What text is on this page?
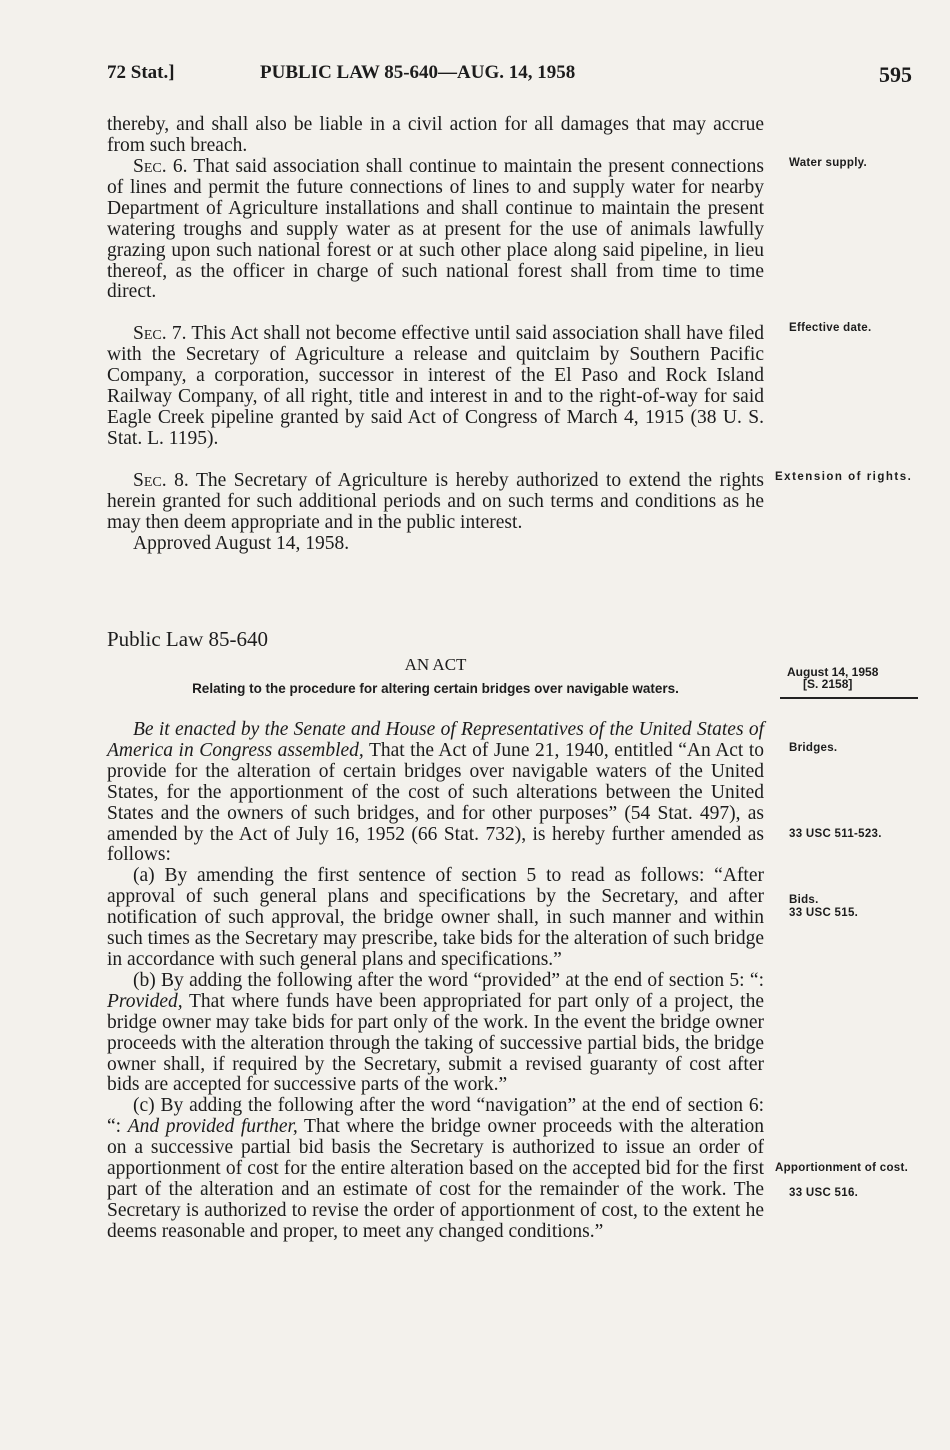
72 Stat.]	PUBLIC LAW 85-640—AUG. 14, 1958	595

thereby, and shall also be liable in a civil action for all damages that may accrue from such breach.

Sec. 6. That said association shall continue to maintain the present connections of lines and permit the future connections of lines to and supply water for nearby Department of Agriculture installations and shall continue to maintain the present watering troughs and supply water as at present for the use of animals lawfully grazing upon such national forest or at such other place along said pipeline, in lieu thereof, as the officer in charge of such national forest shall from time to time direct.

Sec. 7. This Act shall not become effective until said association shall have filed with the Secretary of Agriculture a release and quitclaim by Southern Pacific Company, a corporation, successor in interest of the El Paso and Rock Island Railway Company, of all right, title and interest in and to the right-of-way for said Eagle Creek pipeline granted by said Act of Congress of March 4, 1915 (38 U. S. Stat. L. 1195).

Sec. 8. The Secretary of Agriculture is hereby authorized to extend the rights herein granted for such additional periods and on such terms and conditions as he may then deem appropriate and in the public interest.

Approved August 14, 1958.

Public Law 85-640
AN ACT
Relating to the procedure for altering certain bridges over navigable waters.
August 14, 1958
[S. 2158]

Be it enacted by the Senate and House of Representatives of the United States of America in Congress assembled, That the Act of June 21, 1940, entitled “An Act to provide for the alteration of certain bridges over navigable waters of the United States, for the apportionment of the cost of such alterations between the United States and the owners of such bridges, and for other purposes” (54 Stat. 497), as amended by the Act of July 16, 1952 (66 Stat. 732), is hereby further amended as follows:

(a) By amending the first sentence of section 5 to read as follows: “After approval of such general plans and specifications by the Secretary, and after notification of such approval, the bridge owner shall, in such manner and within such times as the Secretary may prescribe, take bids for the alteration of such bridge in accordance with such general plans and specifications.”

(b) By adding the following after the word “provided” at the end of section 5: “: Provided, That where funds have been appropriated for part only of a project, the bridge owner may take bids for part only of the work. In the event the bridge owner proceeds with the alteration through the taking of successive partial bids, the bridge owner shall, if required by the Secretary, submit a revised guaranty of cost after bids are accepted for successive parts of the work.”

(c) By adding the following after the word “navigation” at the end of section 6: “: And provided further, That where the bridge owner proceeds with the alteration on a successive partial bid basis the Secretary is authorized to issue an order of apportionment of cost for the entire alteration based on the accepted bid for the first part of the alteration and an estimate of cost for the remainder of the work. The Secretary is authorized to revise the order of apportionment of cost, to the extent he deems reasonable and proper, to meet any changed conditions.”

Water supply.
Effective date.
Extension of rights.
Bridges.
33 USC 511-523.
Bids.
33 USC 515.
Apportionment of cost.
33 USC 516.
